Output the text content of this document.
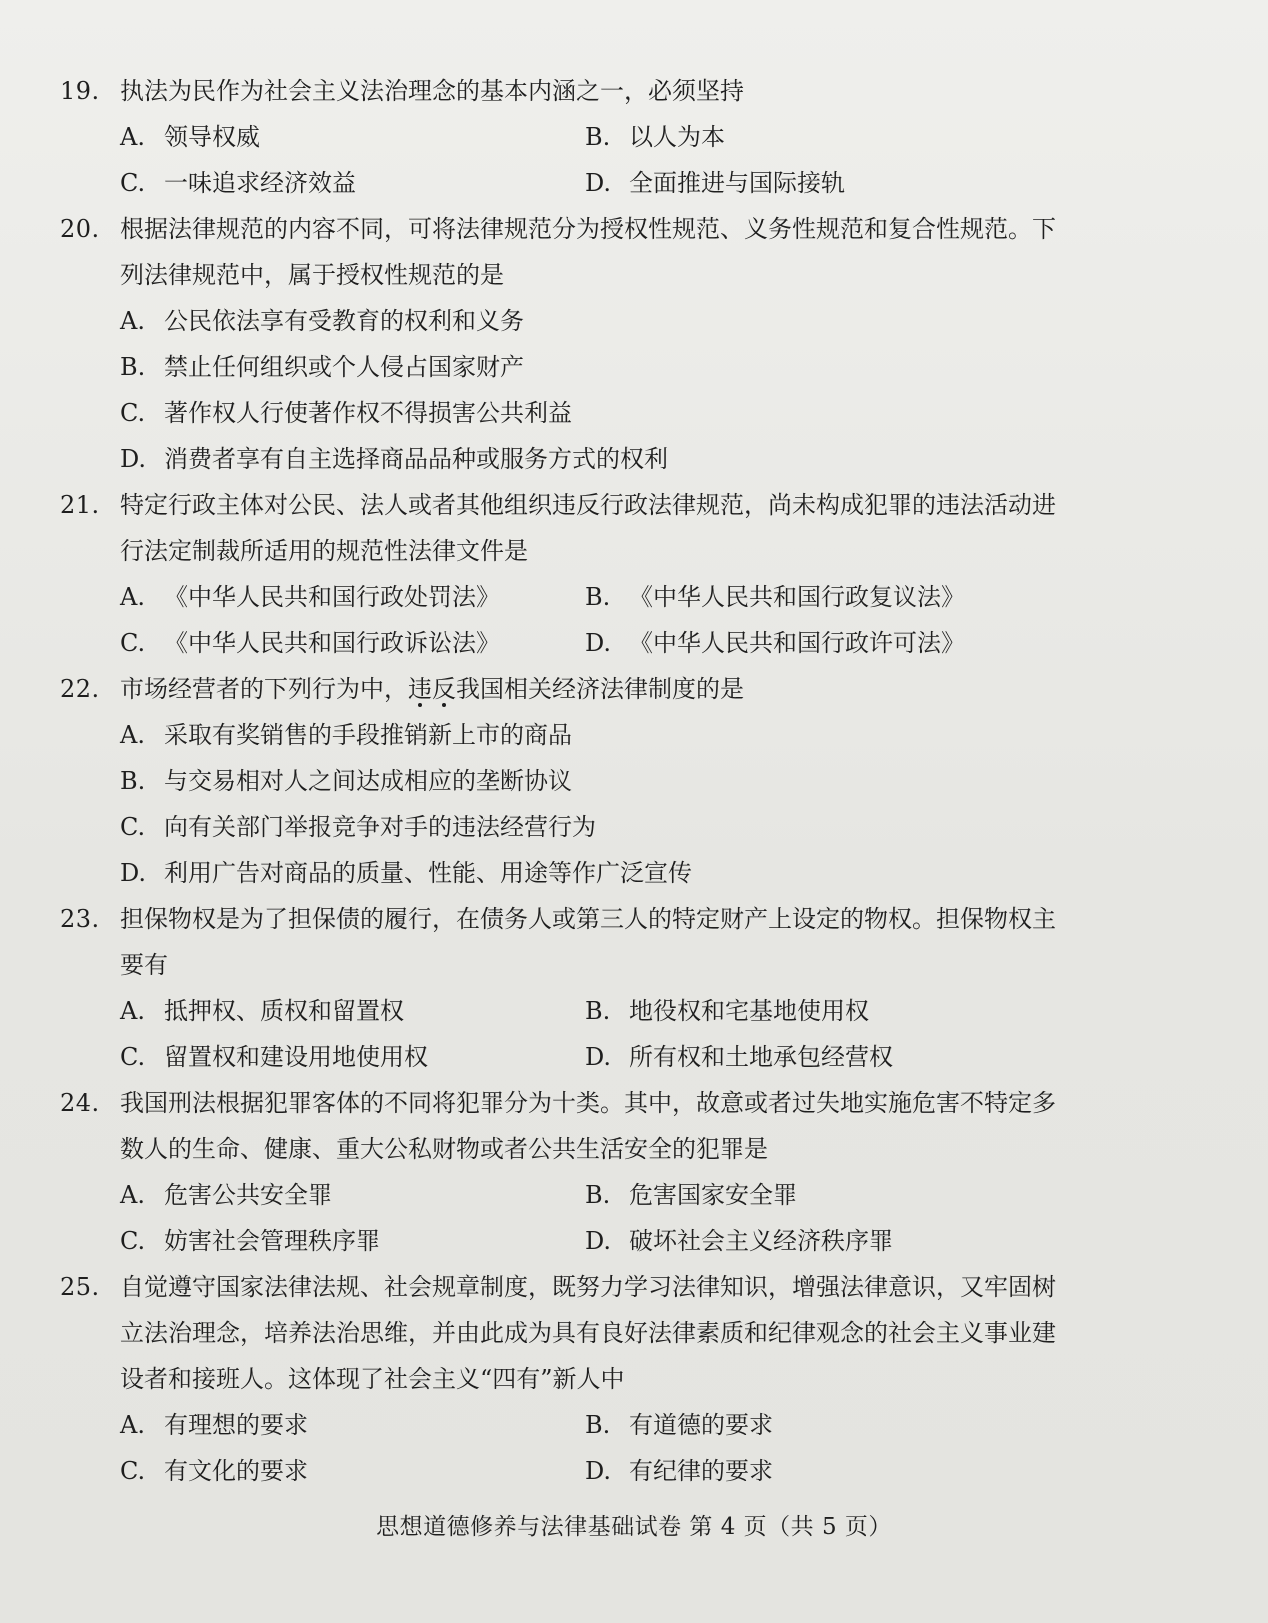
19. 执法为民作为社会主义法治理念的基本内涵之一，必须坚持
A. 领导权威	B. 以人为本
C. 一味追求经济效益	D. 全面推进与国际接轨
20. 根据法律规范的内容不同，可将法律规范分为授权性规范、义务性规范和复合性规范。下列法律规范中，属于授权性规范的是
A. 公民依法享有受教育的权利和义务
B. 禁止任何组织或个人侵占国家财产
C. 著作权人行使著作权不得损害公共利益
D. 消费者享有自主选择商品品种或服务方式的权利
21. 特定行政主体对公民、法人或者其他组织违反行政法律规范，尚未构成犯罪的违法活动进行法定制裁所适用的规范性法律文件是
A. 《中华人民共和国行政处罚法》	B. 《中华人民共和国行政复议法》
C. 《中华人民共和国行政诉讼法》	D. 《中华人民共和国行政许可法》
22. 市场经营者的下列行为中，违反我国相关经济法律制度的是
A. 采取有奖销售的手段推销新上市的商品
B. 与交易相对人之间达成相应的垄断协议
C. 向有关部门举报竞争对手的违法经营行为
D. 利用广告对商品的质量、性能、用途等作广泛宣传
23. 担保物权是为了担保债的履行，在债务人或第三人的特定财产上设定的物权。担保物权主要有
A. 抵押权、质权和留置权	B. 地役权和宅基地使用权
C. 留置权和建设用地使用权	D. 所有权和土地承包经营权
24. 我国刑法根据犯罪客体的不同将犯罪分为十类。其中，故意或者过失地实施危害不特定多数人的生命、健康、重大公私财物或者公共生活安全的犯罪是
A. 危害公共安全罪	B. 危害国家安全罪
C. 妨害社会管理秩序罪	D. 破坏社会主义经济秩序罪
25. 自觉遵守国家法律法规、社会规章制度，既努力学习法律知识，增强法律意识，又牢固树立法治理念，培养法治思维，并由此成为具有良好法律素质和纪律观念的社会主义事业建设者和接班人。这体现了社会主义“四有”新人中
A. 有理想的要求	B. 有道德的要求
C. 有文化的要求	D. 有纪律的要求
思想道德修养与法律基础试卷 第 4 页（共 5 页）
